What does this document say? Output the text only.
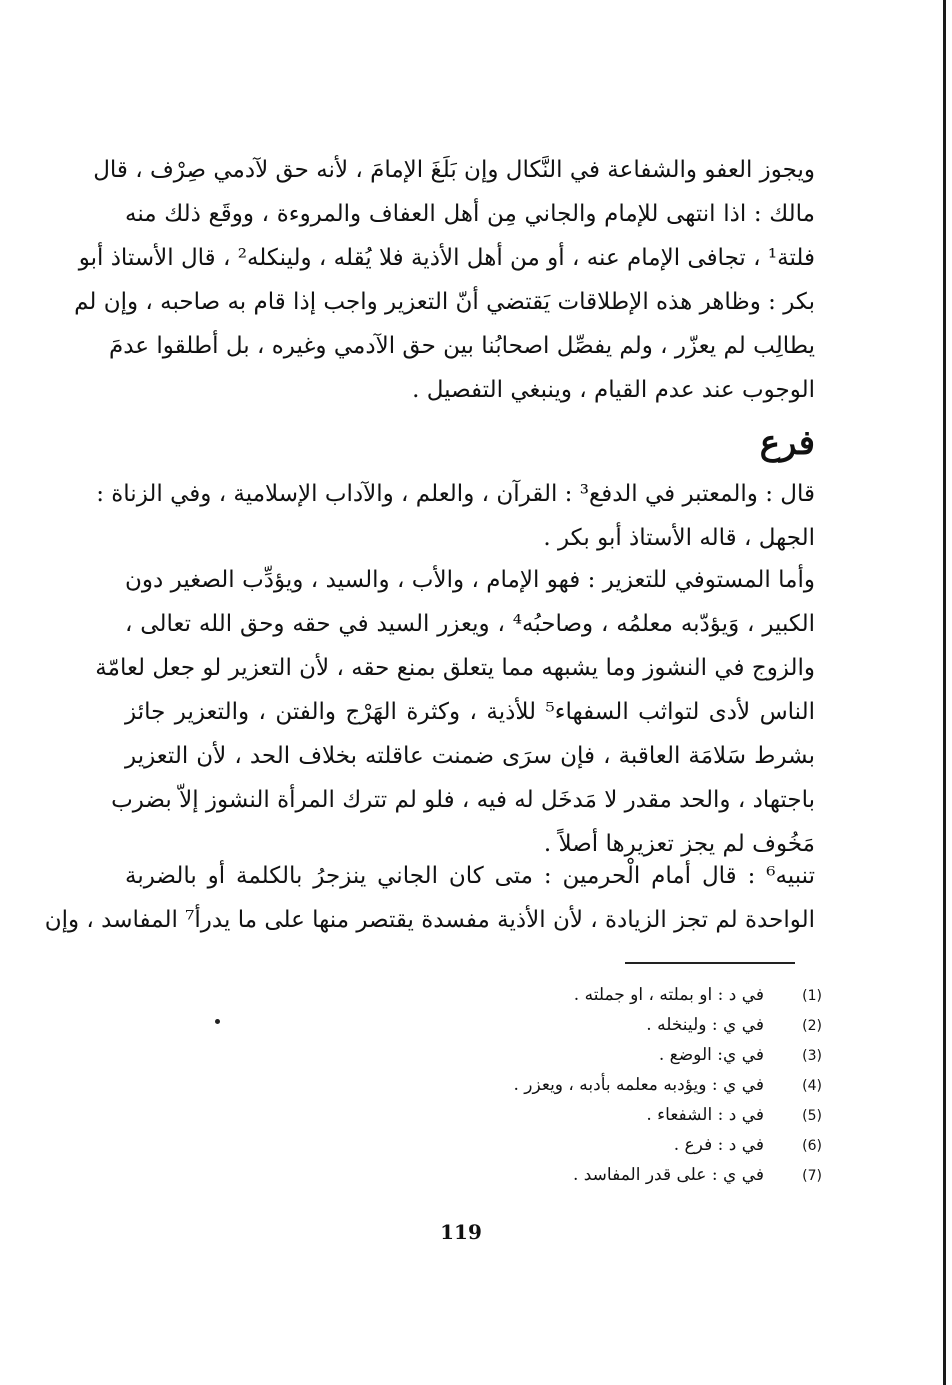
ويجوز العفو والشفاعة في النَّكال وإن بَلَغَ الإمامَ ، لأنه حق لآدمي صِرْف ، قال
مالك : اذا انتهى للإمام والجاني مِن أهل العفاف والمروءة ، ووقَع ذلك منه
فلتة¹ ، تجافى الإمام عنه ، أو من أهل الأذية فلا يُقله ، ولينكله² ، قال الأستاذ أبو
بكر : وظاهر هذه الإطلاقات يَقتضي أنّ التعزير واجب إذا قام به صاحبه ، وإن لم
يطالِب لم يعزّر ، ولم يفصِّل اصحابُنا بين حق الآدمي وغيره ، بل أطلقوا عدمَ
الوجوب عند عدم القيام ، وينبغي التفصيل .
فرع
قال : والمعتبر في الدفع³ : القرآن ، والعلم ، والآداب الإسلامية ، وفي الزناة :
الجهل ، قاله الأستاذ أبو بكر .
وأما المستوفي للتعزير : فهو الإمام ، والأب ، والسيد ، ويؤدِّب الصغير دون
الكبير ، وَيؤدّبه معلمُه ، وصاحبُه⁴ ، ويعزر السيد في حقه وحق الله تعالى ،
والزوج في النشوز وما يشبهه مما يتعلق بمنع حقه ، لأن التعزير لو جعل لعامّة
الناس لأدى لتواثب السفهاء⁵ للأذية ، وكثرة الهَرْج والفتن ، والتعزير جائز
بشرط سَلامَة العاقبة ، فإن سرَى ضمنت عاقلته بخلاف الحد ، لأن التعزير
باجتهاد ، والحد مقدر لا مَدخَل له فيه ، فلو لم تترك المرأة النشوز إلاّ بضرب
مَخُوف لم يجز تعزيرها أصلاً .
تنبيه⁶ : قال أمام الْحرمين : متى كان الجاني ينزجرُ بالكلمة أو بالضربة
الواحدة لم تجز الزيادة ، لأن الأذية مفسدة يقتصر منها على ما يدرأ⁷ المفاسد ، وإن
(1)في د : او بملته ، او جملته .
(2)في ي : ولينخله .
(3)في ي: الوضع .
(4)في ي : ويؤدبه معلمه بأدبه ، ويعزر .
(5)في د : الشفعاء .
(6)في د : فرع .
(7)في ي : على قدر المفاسد .
119
